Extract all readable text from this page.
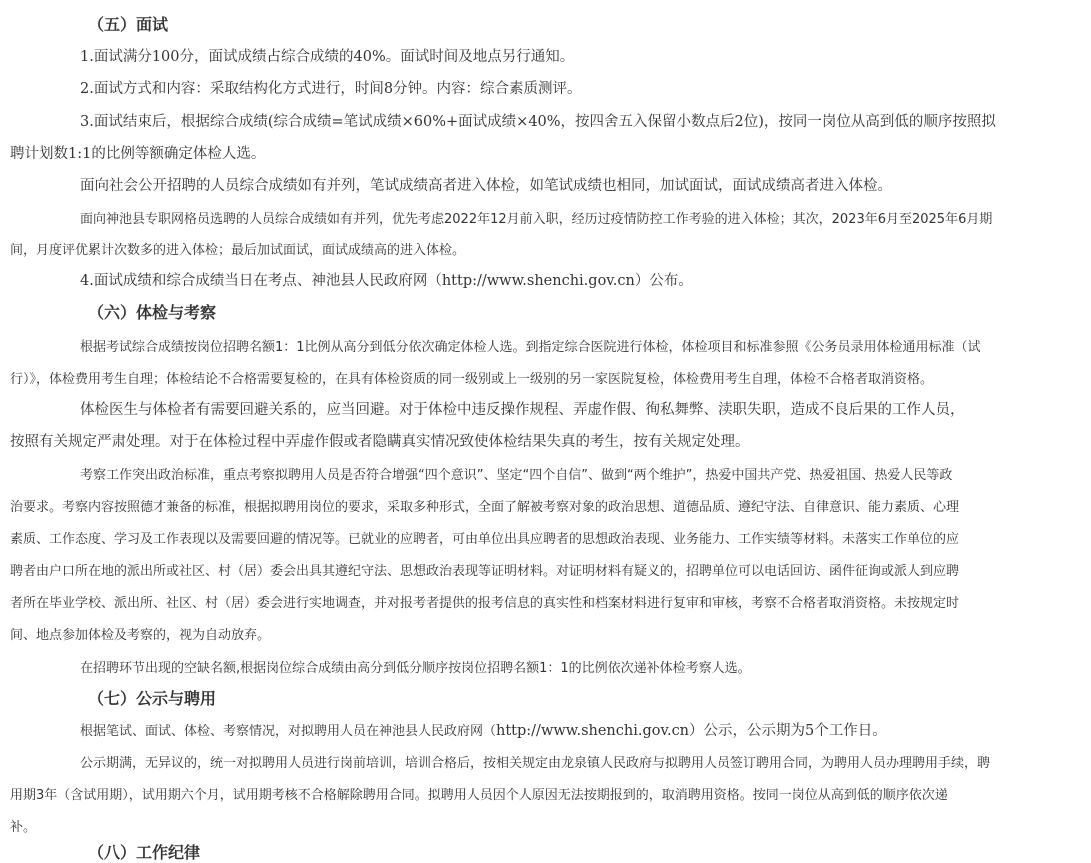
（五）面试
1.面试满分100分，面试成绩占综合成绩的40%。面试时间及地点另行通知。
2.面试方式和内容：采取结构化方式进行，时间8分钟。内容：综合素质测评。
3.面试结束后，根据综合成绩(综合成绩=笔试成绩×60%+面试成绩×40%，按四舍五入保留小数点后2位)，按同一岗位从高到低的顺序按照拟
聘计划数1:1的比例等额确定体检人选。
面向社会公开招聘的人员综合成绩如有并列，笔试成绩高者进入体检，如笔试成绩也相同，加试面试，面试成绩高者进入体检。
面向神池县专职网格员选聘的人员综合成绩如有并列，优先考虑2022年12月前入职，经历过疫情防控工作考验的进入体检；其次，2023年6月至2025年6月期
间，月度评优累计次数多的进入体检；最后加试面试，面试成绩高的进入体检。
4.面试成绩和综合成绩当日在考点、神池县人民政府网（http://www.shenchi.gov.cn）公布。
（六）体检与考察
根据考试综合成绩按岗位招聘名额1：1比例从高分到低分依次确定体检人选。到指定综合医院进行体检，体检项目和标准参照《公务员录用体检通用标准（试
行）》，体检费用考生自理；体检结论不合格需要复检的，在具有体检资质的同一级别或上一级别的另一家医院复检，体检费用考生自理，体检不合格者取消资格。
体检医生与体检者有需要回避关系的，应当回避。对于体检中违反操作规程、弄虚作假、徇私舞弊、渎职失职，造成不良后果的工作人员，
按照有关规定严肃处理。对于在体检过程中弄虚作假或者隐瞒真实情况致使体检结果失真的考生，按有关规定处理。
考察工作突出政治标准，重点考察拟聘用人员是否符合增强“四个意识”、坚定“四个自信”、做到“两个维护”，热爱中国共产党、热爱祖国、热爱人民等政
治要求。考察内容按照德才兼备的标准，根据拟聘用岗位的要求，采取多种形式，全面了解被考察对象的政治思想、道德品质、遵纪守法、自律意识、能力素质、心理
素质、工作态度、学习及工作表现以及需要回避的情况等。已就业的应聘者，可由单位出具应聘者的思想政治表现、业务能力、工作实绩等材料。未落实工作单位的应
聘者由户口所在地的派出所或社区、村（居）委会出具其遵纪守法、思想政治表现等证明材料。对证明材料有疑义的，招聘单位可以电话回访、函件征询或派人到应聘
者所在毕业学校、派出所、社区、村（居）委会进行实地调查，并对报考者提供的报考信息的真实性和档案材料进行复审和审核，考察不合格者取消资格。未按规定时
间、地点参加体检及考察的，视为自动放弃。
在招聘环节出现的空缺名额,根据岗位综合成绩由高分到低分顺序按岗位招聘名额1：1的比例依次递补体检考察人选。
（七）公示与聘用
根据笔试、面试、体检、考察情况，对拟聘用人员在神池县人民政府网（http://www.shenchi.gov.cn）公示，公示期为5个工作日。
公示期满，无异议的，统一对拟聘用人员进行岗前培训，培训合格后，按相关规定由龙泉镇人民政府与拟聘用人员签订聘用合同，为聘用人员办理聘用手续，聘
用期3年（含试用期），试用期六个月，试用期考核不合格解除聘用合同。拟聘用人员因个人原因无法按期报到的，取消聘用资格。按同一岗位从高到低的顺序依次递
补。
（八）工作纪律
